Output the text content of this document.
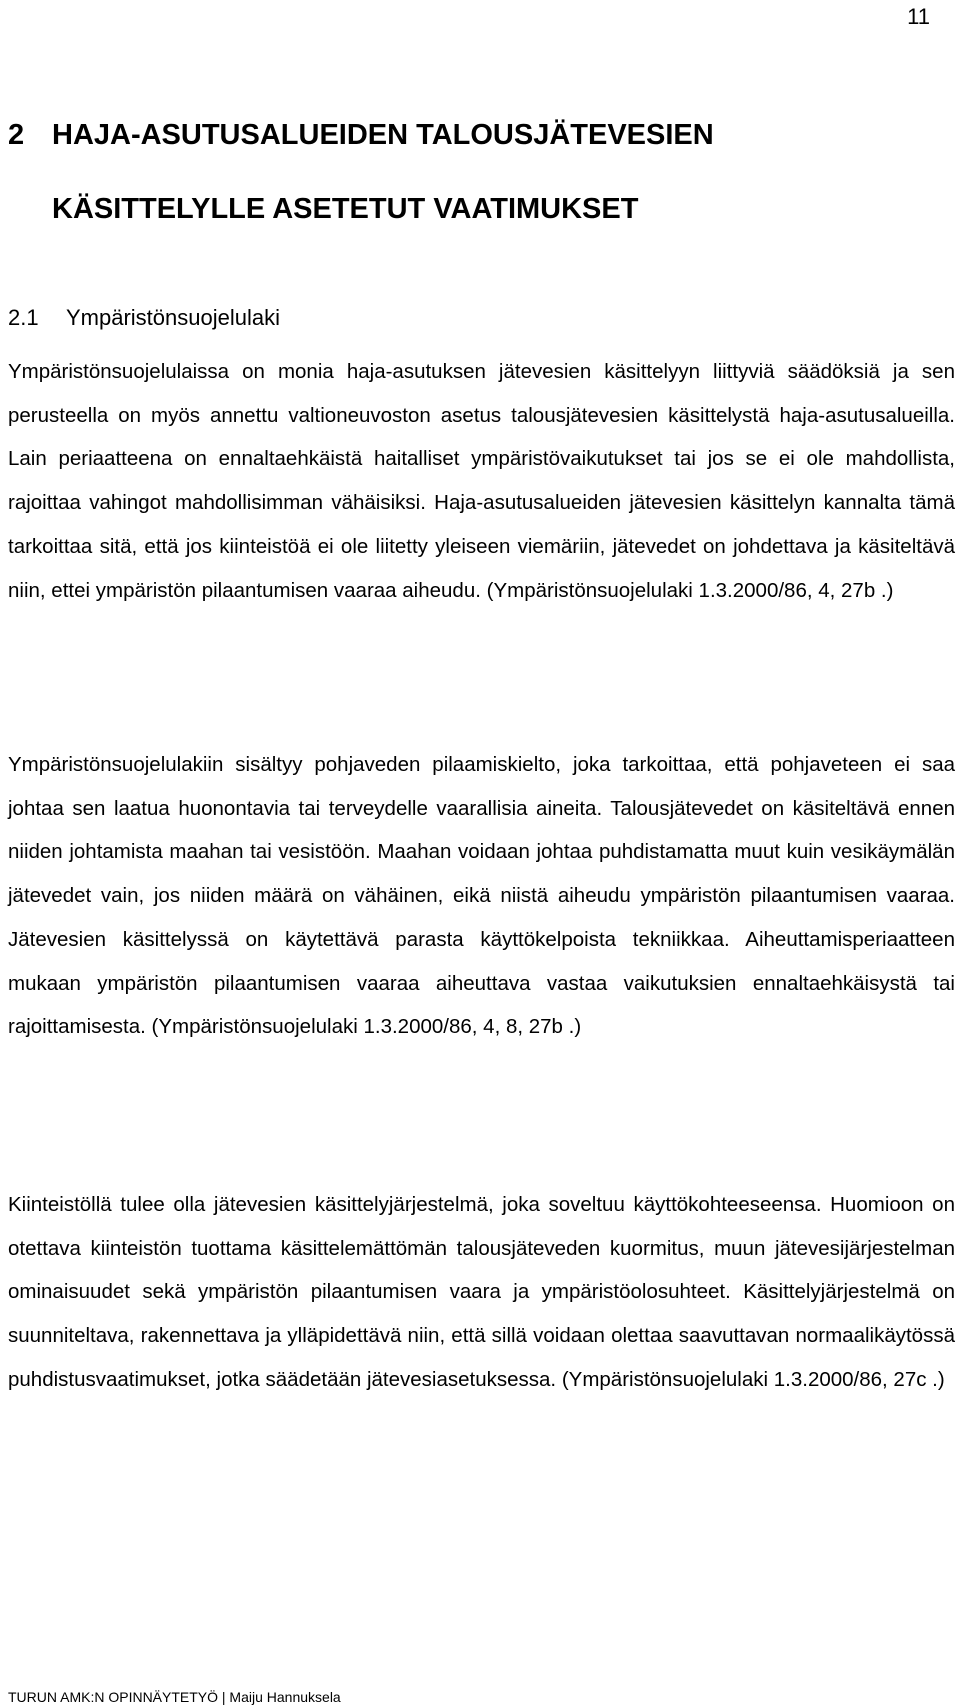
11
2 HAJA-ASUTUSALUEIDEN TALOUSJÄTEVESIEN
KÄSITTELYLLE ASETETUT VAATIMUKSET
2.1 Ympäristönsuojelulaki

Ympäristönsuojelulaissa on monia haja-asutuksen jätevesien käsittelyyn liittyviä säädöksiä ja sen perusteella on myös annettu valtioneuvoston asetus talousjätevesien käsittelystä haja-asutusalueilla. Lain periaatteena on ennaltaehkäistä haitalliset ympäristövaikutukset tai jos se ei ole mahdollista, rajoittaa vahingot mahdollisimman vähäisiksi. Haja-asutusalueiden jätevesien käsittelyn kannalta tämä tarkoittaa sitä, että jos kiinteistöä ei ole liitetty yleiseen viemäriin, jätevedet on johdettava ja käsiteltävä niin, ettei ympäristön pilaantumisen vaaraa aiheudu. (Ympäristönsuojelulaki 1.3.2000/86, 4, 27b .)

Ympäristönsuojelulakiin sisältyy pohjaveden pilaamiskielto, joka tarkoittaa, että pohjaveteen ei saa johtaa sen laatua huonontavia tai terveydelle vaarallisia aineita. Talousjätevedet on käsiteltävä ennen niiden johtamista maahan tai vesistöön. Maahan voidaan johtaa puhdistamatta muut kuin vesikäymälän jätevedet vain, jos niiden määrä on vähäinen, eikä niistä aiheudu ympäristön pilaantumisen vaaraa. Jätevesien käsittelyssä on käytettävä parasta käyttökelpoista tekniikkaa. Aiheuttamisperiaatteen mukaan ympäristön pilaantumisen vaaraa aiheuttava vastaa vaikutuksien ennaltaehkäisystä tai rajoittamisesta. (Ympäristönsuojelulaki 1.3.2000/86, 4, 8, 27b .)

Kiinteistöllä tulee olla jätevesien käsittelyjärjestelmä, joka soveltuu käyttökohteeseensa. Huomioon on otettava kiinteistön tuottama käsittelemättömän talousjäteveden kuormitus, muun jätevesijärjestelman ominaisuudet sekä ympäristön pilaantumisen vaara ja ympäristöolosuhteet. Käsittelyjärjestelmä on suunniteltava, rakennettava ja ylläpidettävä niin, että sillä voidaan olettaa saavuttavan normaalikäytössä puhdistusvaatimukset, jotka säädetään jätevesiasetuksessa. (Ympäristönsuojelulaki 1.3.2000/86, 27c .)

TURUN AMK:N OPINNÄYTETYÖ | Maiju Hannuksela
